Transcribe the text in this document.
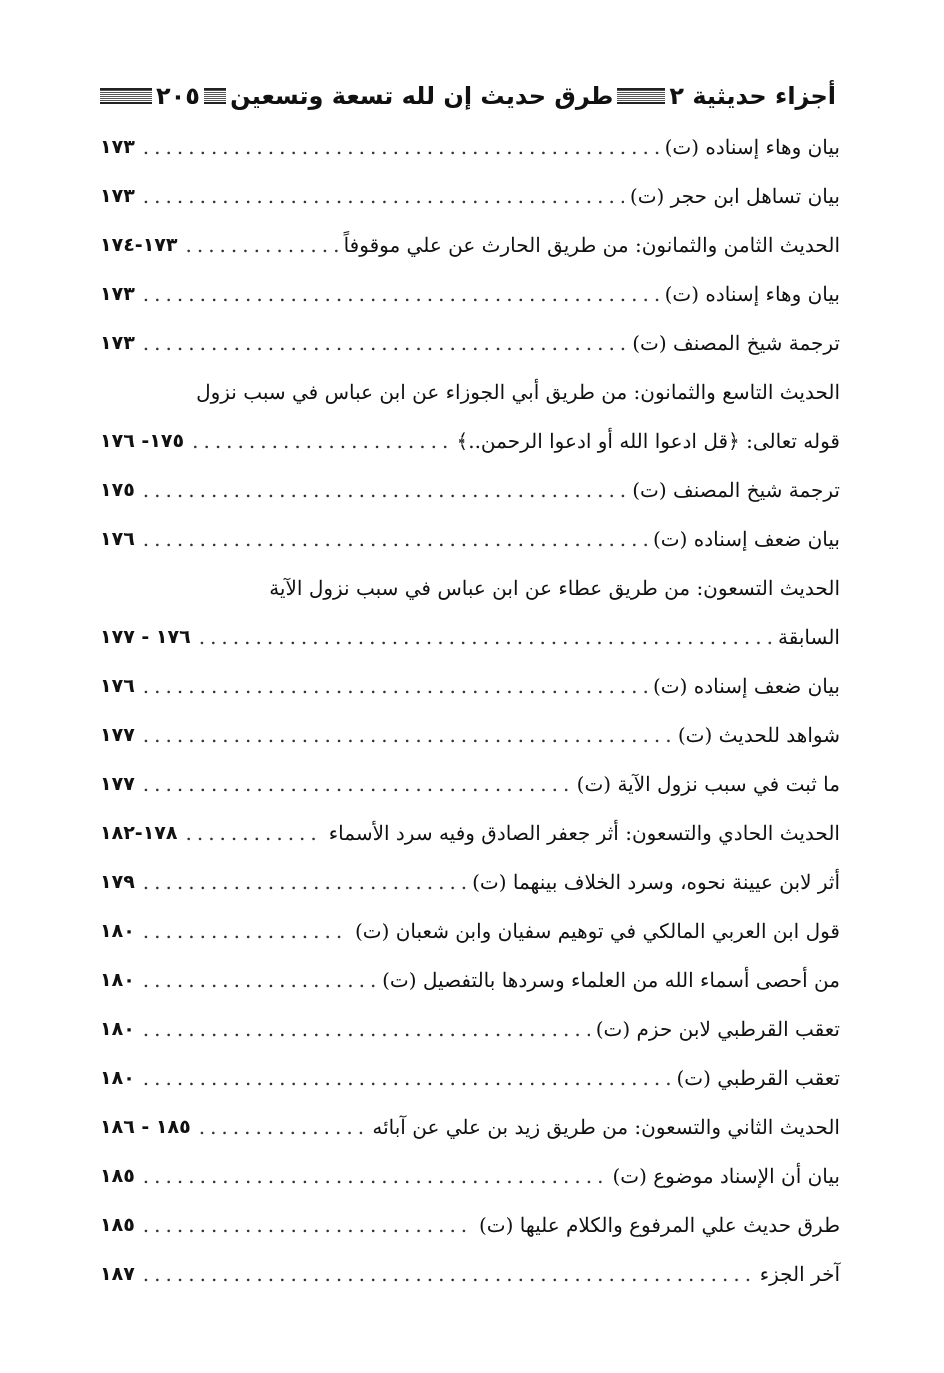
أجزاء حديثية ٢
طرق حديث إن لله تسعة وتسعين
٢٠٥
بيان وهاء إسناده (ت)
.....
١٧٣
بيان تساهل ابن حجر (ت)
.....
١٧٣
الحديث الثامن والثمانون: من طريق الحارث عن علي موقوفاً
.....
١٧٣-١٧٤
بيان وهاء إسناده (ت)
.....
١٧٣
ترجمة شيخ المصنف (ت)
.....
١٧٣
الحديث التاسع والثمانون: من طريق أبي الجوزاء عن ابن عباس في سبب نزول
قوله تعالى: ﴿قل ادعوا الله أو ادعوا الرحمن..﴾
.....
١٧٥- ١٧٦
ترجمة شيخ المصنف (ت)
.....
١٧٥
بيان ضعف إسناده (ت)
.....
١٧٦
الحديث التسعون: من طريق عطاء عن ابن عباس في سبب نزول الآية
السابقة
.....
١٧٦ - ١٧٧
بيان ضعف إسناده (ت)
.....
١٧٦
شواهد للحديث (ت)
.....
١٧٧
ما ثبت في سبب نزول الآية (ت)
.....
١٧٧
الحديث الحادي والتسعون: أثر جعفر الصادق وفيه سرد الأسماء
.....
١٧٨-١٨٢
أثر لابن عيينة نحوه، وسرد الخلاف بينهما (ت)
.....
١٧٩
قول ابن العربي المالكي في توهيم سفيان وابن شعبان (ت)
.....
١٨٠
من أحصى أسماء الله من العلماء وسردها بالتفصيل (ت)
.....
١٨٠
تعقب القرطبي لابن حزم (ت)
.....
١٨٠
تعقب القرطبي (ت)
.....
١٨٠
الحديث الثاني والتسعون: من طريق زيد بن علي عن آبائه
.....
١٨٥ - ١٨٦
بيان أن الإسناد موضوع (ت)
.....
١٨٥
طرق حديث علي المرفوع والكلام عليها (ت)
.....
١٨٥
آخر الجزء
.....
١٨٧
